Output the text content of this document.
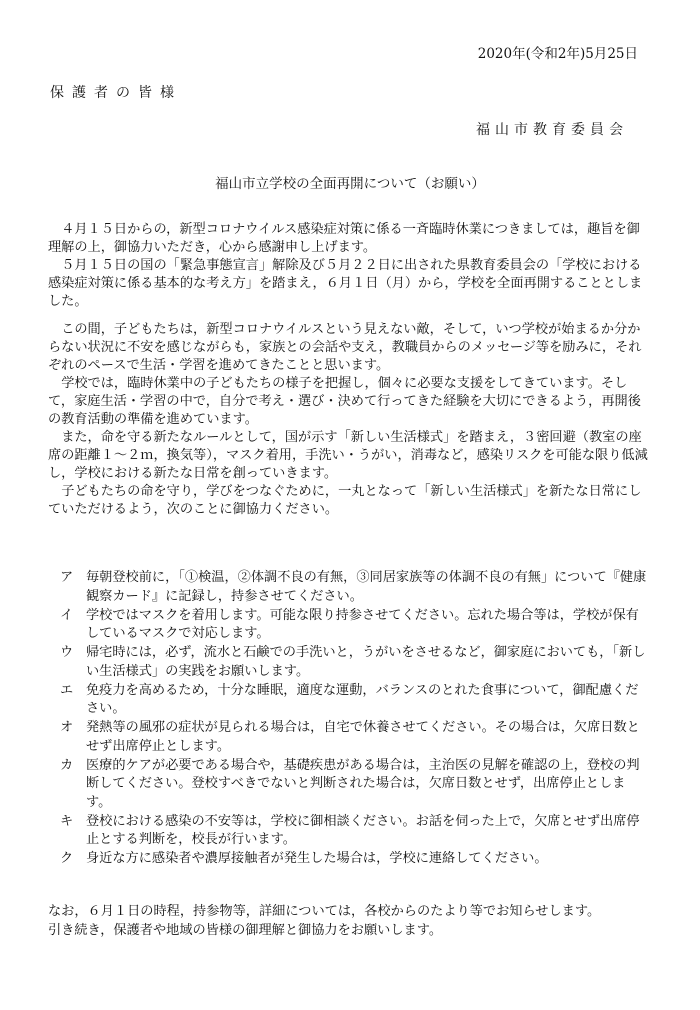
2020年(令和2年)5月25日
保護者の皆様
福山市教育委員会
福山市立学校の全面再開について（お願い）

４月１５日からの，新型コロナウイルス感染症対策に係る一斉臨時休業につきましては，趣旨を御理解の上，御協力いただき，心から感謝申し上げます。

５月１５日の国の「緊急事態宣言」解除及び５月２２日に出された県教育委員会の「学校における感染症対策に係る基本的な考え方」を踏まえ，６月１日（月）から，学校を全面再開することとしました。

この間，子どもたちは，新型コロナウイルスという見えない敵，そして，いつ学校が始まるか分からない状況に不安を感じながらも，家族との会話や支え，教職員からのメッセージ等を励みに，それぞれのペースで生活・学習を進めてきたことと思います。

学校では，臨時休業中の子どもたちの様子を把握し，個々に必要な支援をしてきています。そして，家庭生活・学習の中で，自分で考え・選び・決めて行ってきた経験を大切にできるよう，再開後の教育活動の準備を進めています。

また，命を守る新たなルールとして，国が示す「新しい生活様式」を踏まえ，３密回避（教室の座席の距離１～２ｍ，換気等），マスク着用，手洗い・うがい，消毒など，感染リスクを可能な限り低減し，学校における新たな日常を創っていきます。

子どもたちの命を守り，学びをつなぐために，一丸となって「新しい生活様式」を新たな日常にしていただけるよう，次のことに御協力ください。

ア 毎朝登校前に，「①検温，②体調不良の有無，③同居家族等の体調不良の有無」について『健康観察カード』に記録し，持参させてください。
イ 学校ではマスクを着用します。可能な限り持参させてください。忘れた場合等は，学校が保有しているマスクで対応します。
ウ 帰宅時には，必ず，流水と石鹸での手洗いと，うがいをさせるなど，御家庭においても，「新しい生活様式」の実践をお願いします。
エ 免疫力を高めるため，十分な睡眠，適度な運動，バランスのとれた食事について，御配慮ください。
オ 発熱等の風邪の症状が見られる場合は，自宅で休養させてください。その場合は，欠席日数とせず出席停止とします。
カ 医療的ケアが必要である場合や，基礎疾患がある場合は，主治医の見解を確認の上，登校の判断してください。登校すべきでないと判断された場合は，欠席日数とせず，出席停止とします。
キ 登校における感染の不安等は，学校に御相談ください。お話を伺った上で，欠席とせず出席停止とする判断を，校長が行います。
ク 身近な方に感染者や濃厚接触者が発生した場合は，学校に連絡してください。

なお，６月１日の時程，持参物等，詳細については，各校からのたより等でお知らせします。

引き続き，保護者や地域の皆様の御理解と御協力をお願いします。
